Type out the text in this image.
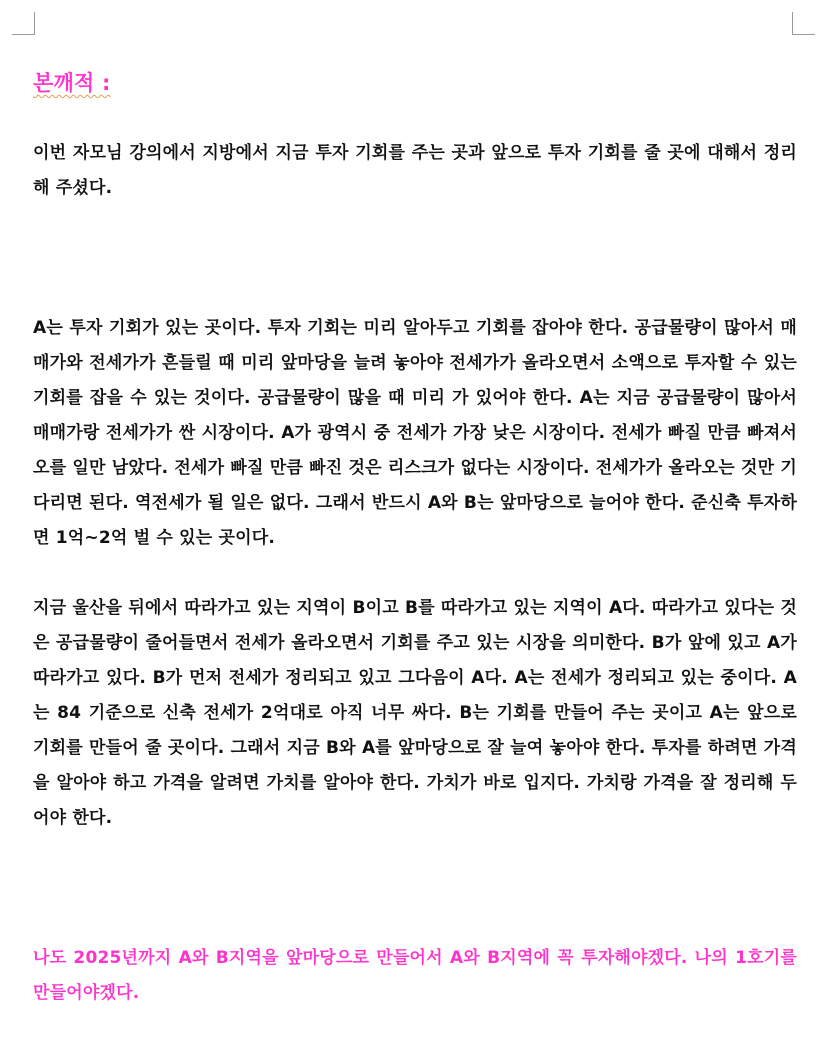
본깨적 :

이번 자모님 강의에서 지방에서 지금 투자 기회를 주는 곳과 앞으로 투자 기회를 줄 곳에 대해서 정리해 주셨다.

A는 투자 기회가 있는 곳이다. 투자 기회는 미리 알아두고 기회를 잡아야 한다. 공급물량이 많아서 매매가와 전세가가 흔들릴 때 미리 앞마당을 늘려 놓아야 전세가가 올라오면서 소액으로 투자할 수 있는 기회를 잡을 수 있는 것이다. 공급물량이 많을 때 미리 가 있어야 한다. A는 지금 공급물량이 많아서 매매가랑 전세가가 싼 시장이다. A가 광역시 중 전세가 가장 낮은 시장이다. 전세가 빠질 만큼 빠져서 오를 일만 남았다. 전세가 빠질 만큼 빠진 것은 리스크가 없다는 시장이다. 전세가가 올라오는 것만 기다리면 된다. 역전세가 될 일은 없다. 그래서 반드시 A와 B는 앞마당으로 늘어야 한다. 준신축 투자하면 1억~2억 벌 수 있는 곳이다.

지금 울산을 뒤에서 따라가고 있는 지역이 B이고 B를 따라가고 있는 지역이 A다. 따라가고 있다는 것은 공급물량이 줄어들면서 전세가 올라오면서 기회를 주고 있는 시장을 의미한다. B가 앞에 있고 A가 따라가고 있다. B가 먼저 전세가 정리되고 있고 그다음이 A다. A는 전세가 정리되고 있는 중이다. A는 84 기준으로 신축 전세가 2억대로 아직 너무 싸다. B는 기회를 만들어 주는 곳이고 A는 앞으로 기회를 만들어 줄 곳이다. 그래서 지금 B와 A를 앞마당으로 잘 늘여 놓아야 한다. 투자를 하려면 가격을 알아야 하고 가격을 알려면 가치를 알아야 한다. 가치가 바로 입지다. 가치랑 가격을 잘 정리해 두어야 한다.

나도 2025년까지 A와 B지역을 앞마당으로 만들어서 A와 B지역에 꼭 투자해야겠다. 나의 1호기를 만들어야겠다.
